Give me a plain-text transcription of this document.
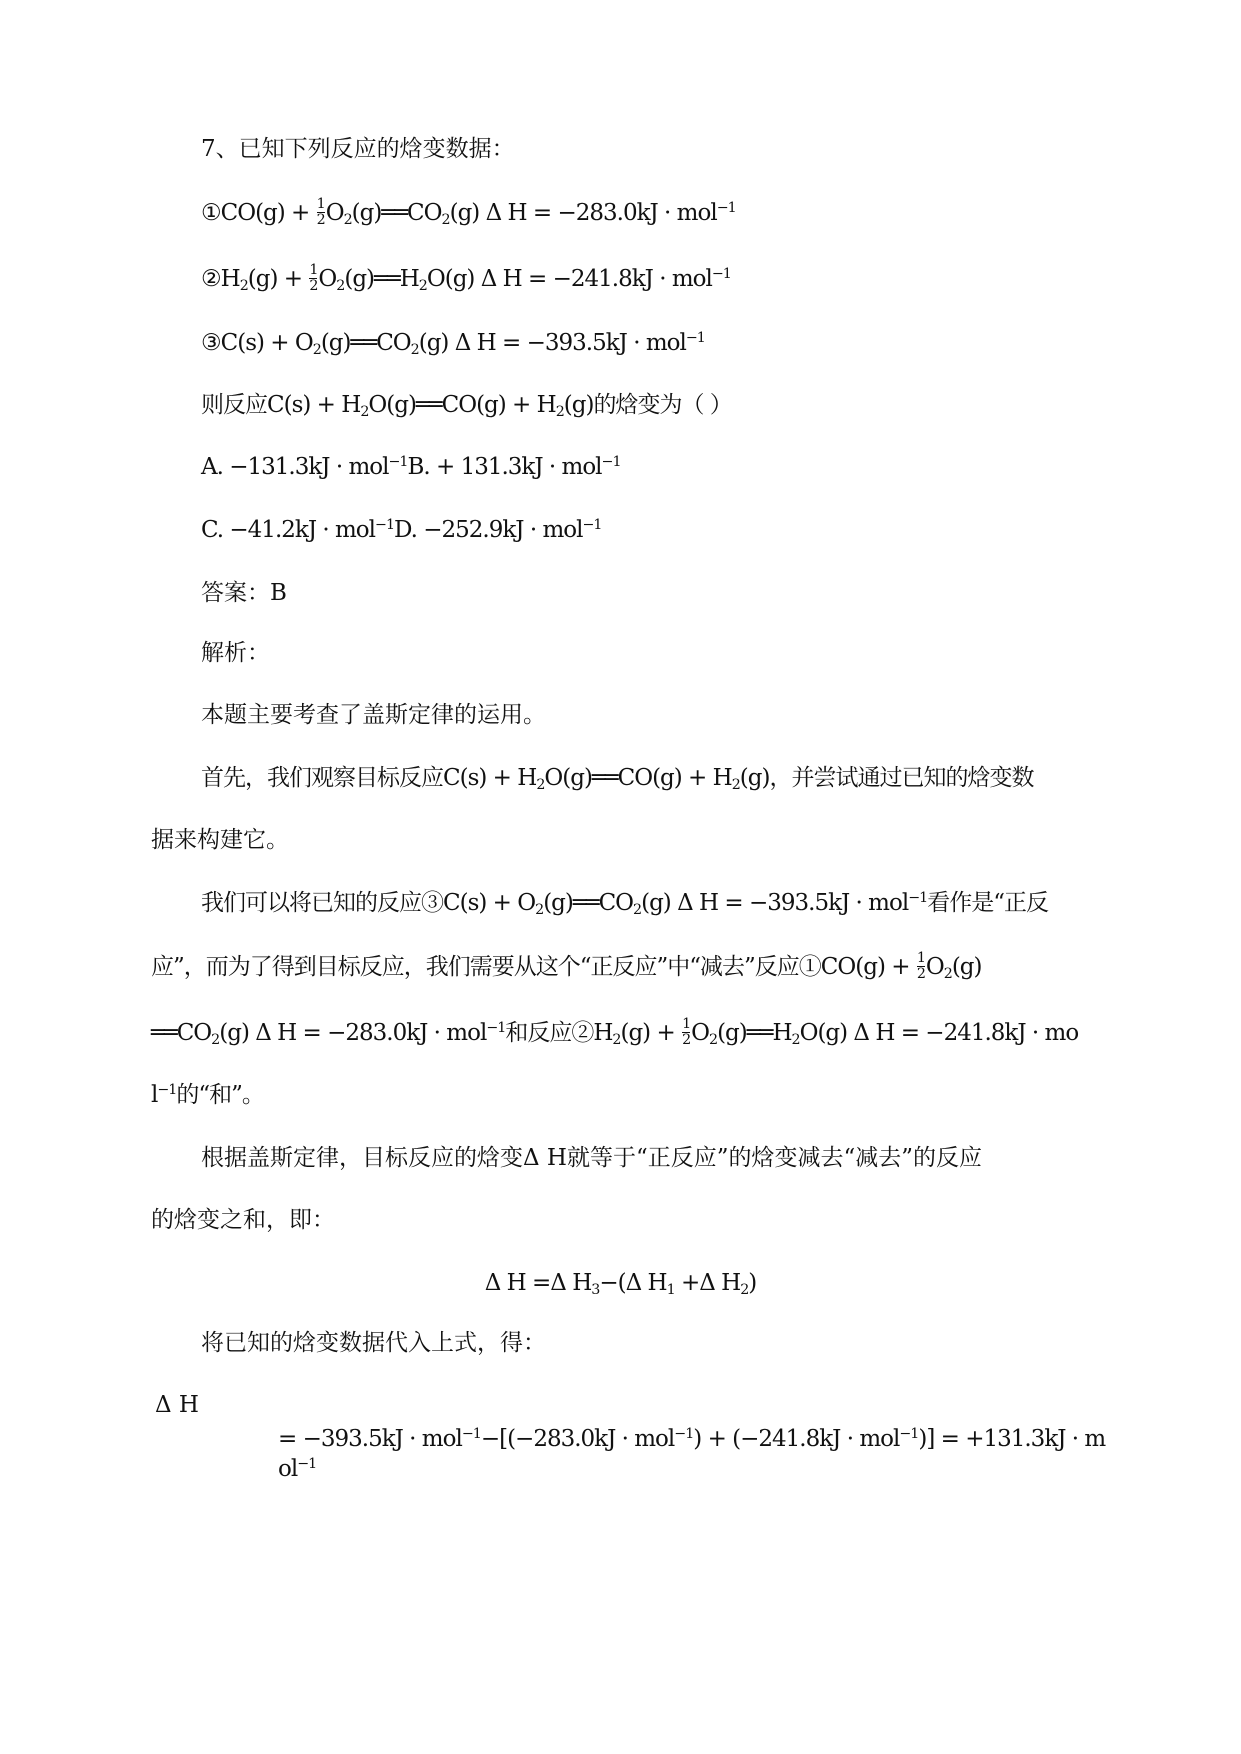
7、已知下列反应的焓变数据：
①CO(g) + $\frac{1}{2}$ $O_2(g)══CO_2(g)$ Δ H = −283.0kJ · mol$^{-1}$
$②H_2(g) + \frac{1}{2}$ $O_2(g)══H_2O(g)$ Δ H = −241.8kJ · mol$^{-1}$
③C(s) + $O_2(g)══CO_2(g)$ Δ H = −393.5kJ · mol$^{-1}$
则反应$C(s) + H_2O(g)══CO(g) + H_2(g)$的焓变为（ ）
A. −131.3kJ · mol$^{-1}$B. + 131.3kJ · mol$^{-1}$
C. −41.2kJ · mol$^{-1}$D. −252.9kJ · mol$^{-1}$
答案：B
解析：
本题主要考查了盖斯定律的运用。
首先，我们观察目标反应$C(s) + H_2O(g)══CO(g) + H_2(g)$，并尝试通过已知的焓变数
据来构建它。
我们可以将已知的反应③C(s) + $O_2(g)══CO_2(g)$ Δ H = −393.5kJ · mol$^{-1}$看作是“正反
应”，而为了得到目标反应，我们需要从这个“正反应”中“减去”反应①CO(g) + $\frac{1}{2} O_2(g)$
$══CO_2(g)$ Δ H = −283.0kJ · mol$^{-1}$和反应$②H_2(g) + \frac{1}{2}$ $O_2(g)══H_2O(g)$ Δ H = −241.8kJ · mo
$l^{-1}$的“和”。
根据盖斯定律，目标反应的焓变Δ H就等于“正反应”的焓变减去“减去”的反应
的焓变之和，即：
Δ H =Δ $H_3-(\Delta$ $H_1 +\Delta$ $H_2$)
将已知的焓变数据代入上式，得：
Δ H
= −393.5kJ · mol$^{-1}$−[(−283.0kJ · mol$^{-1}$) + (−241.8kJ · mol$^{-1}$)] = +131.3kJ · m
$ol^{-1}$
